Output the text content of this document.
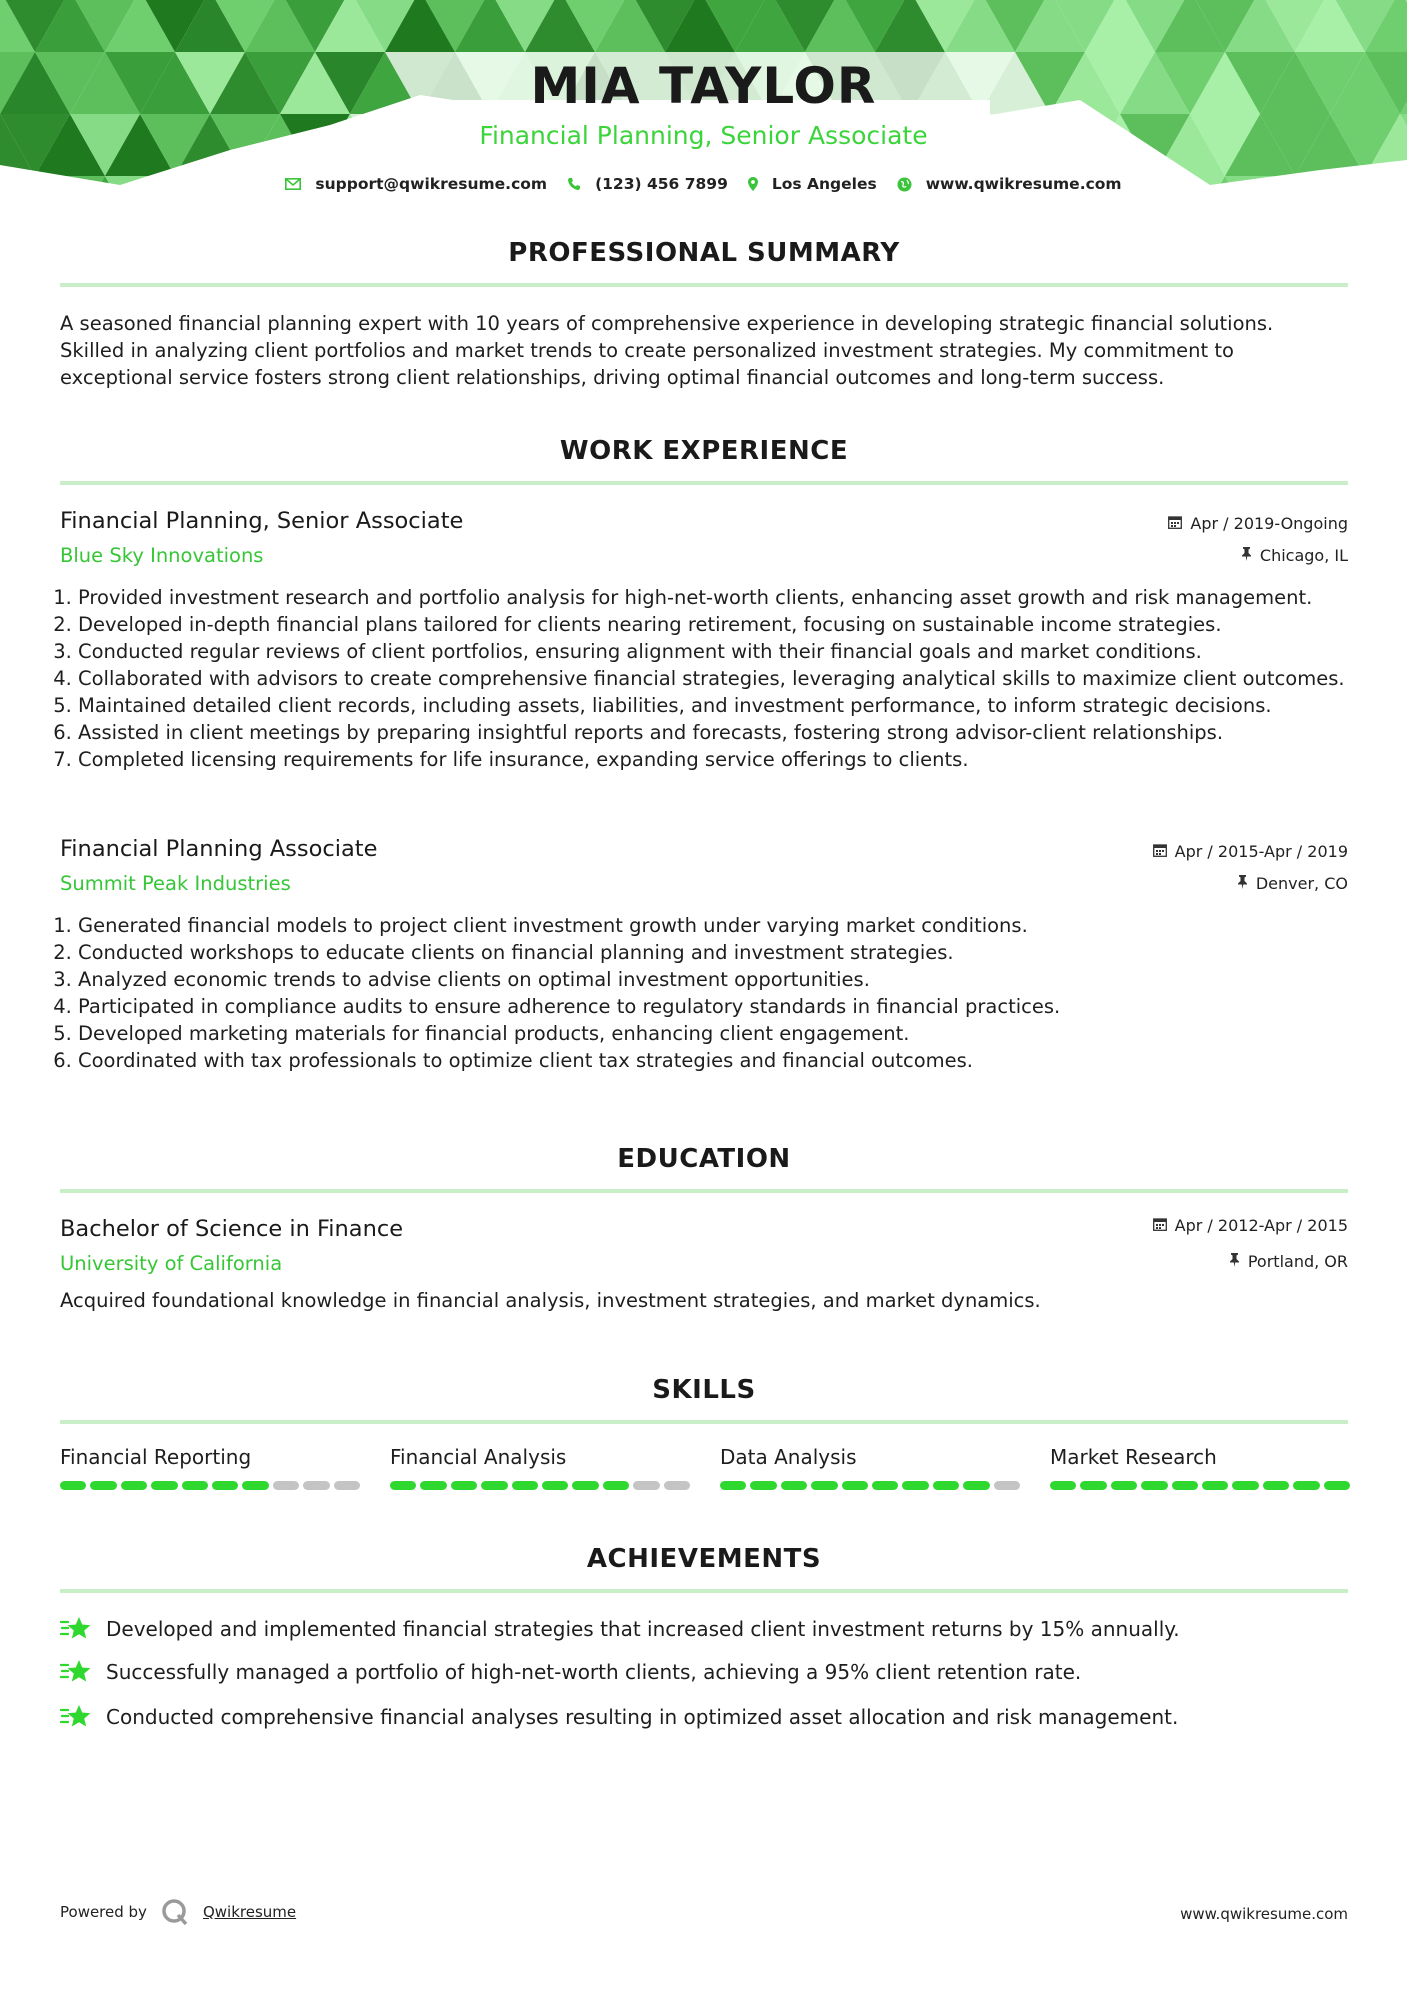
MIA TAYLOR
Financial Planning, Senior Associate
support@qwikresume.com	(123) 456 7899	Los Angeles	www.qwikresume.com
PROFESSIONAL SUMMARY
A seasoned financial planning expert with 10 years of comprehensive experience in developing strategic financial solutions.
Skilled in analyzing client portfolios and market trends to create personalized investment strategies. My commitment to
exceptional service fosters strong client relationships, driving optimal financial outcomes and long-term success.
WORK EXPERIENCE
Financial Planning, Senior Associate	Apr / 2019-Ongoing
Blue Sky Innovations	Chicago, IL
1. Provided investment research and portfolio analysis for high-net-worth clients, enhancing asset growth and risk management.
2. Developed in-depth financial plans tailored for clients nearing retirement, focusing on sustainable income strategies.
3. Conducted regular reviews of client portfolios, ensuring alignment with their financial goals and market conditions.
4. Collaborated with advisors to create comprehensive financial strategies, leveraging analytical skills to maximize client outcomes.
5. Maintained detailed client records, including assets, liabilities, and investment performance, to inform strategic decisions.
6. Assisted in client meetings by preparing insightful reports and forecasts, fostering strong advisor-client relationships.
7. Completed licensing requirements for life insurance, expanding service offerings to clients.
Financial Planning Associate	Apr / 2015-Apr / 2019
Summit Peak Industries	Denver, CO
1. Generated financial models to project client investment growth under varying market conditions.
2. Conducted workshops to educate clients on financial planning and investment strategies.
3. Analyzed economic trends to advise clients on optimal investment opportunities.
4. Participated in compliance audits to ensure adherence to regulatory standards in financial practices.
5. Developed marketing materials for financial products, enhancing client engagement.
6. Coordinated with tax professionals to optimize client tax strategies and financial outcomes.
EDUCATION
Bachelor of Science in Finance	Apr / 2012-Apr / 2015
University of California	Portland, OR
Acquired foundational knowledge in financial analysis, investment strategies, and market dynamics.
SKILLS
Financial Reporting	Financial Analysis	Data Analysis	Market Research
ACHIEVEMENTS
Developed and implemented financial strategies that increased client investment returns by 15% annually.
Successfully managed a portfolio of high-net-worth clients, achieving a 95% client retention rate.
Conducted comprehensive financial analyses resulting in optimized asset allocation and risk management.
Powered by	Qwikresume	www.qwikresume.com
